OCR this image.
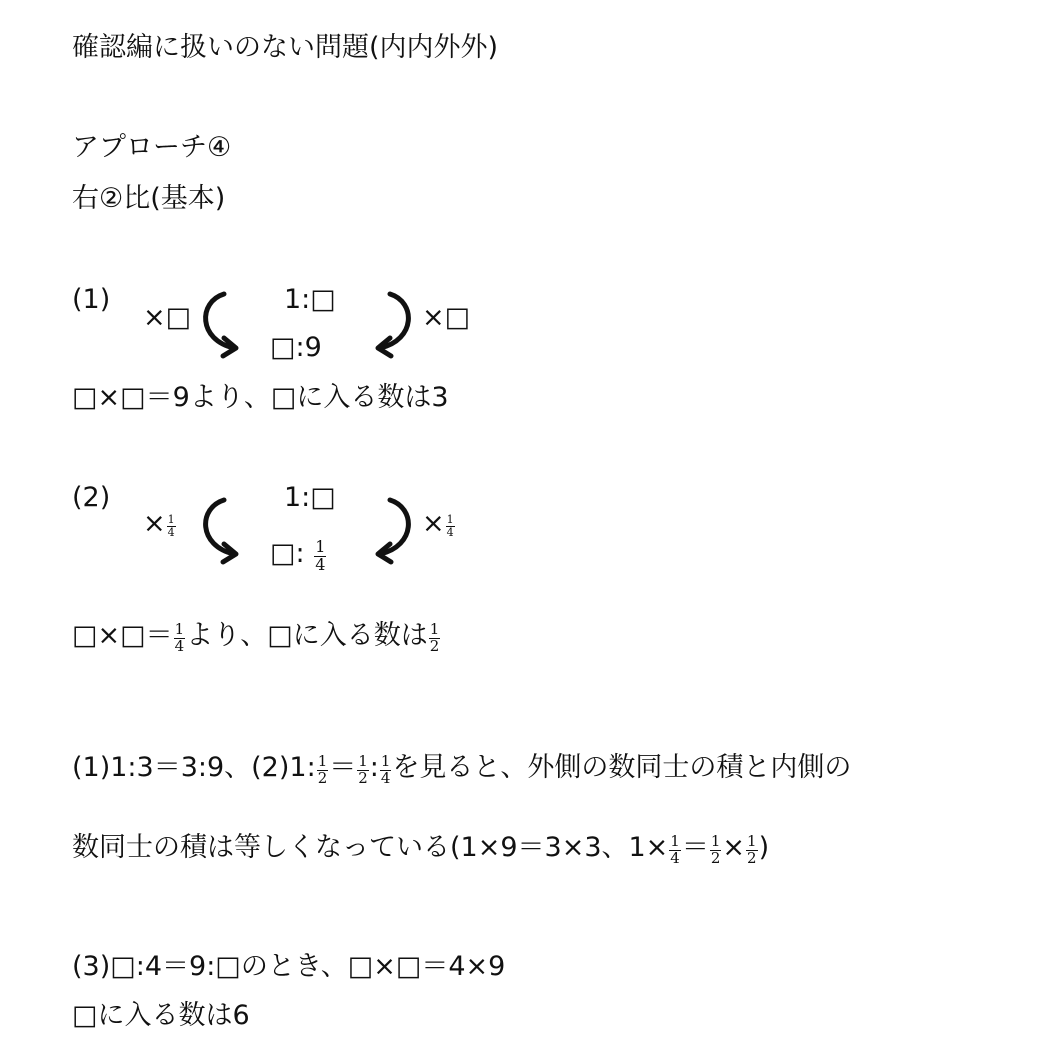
確認編に扱いのない問題(内内外外)
アプローチ④
右②比(基本)
(1)
×□
1:□
□:9
×□
□×□＝9より、□に入る数は3
(2)
× $\frac{1}{4}$
1:□
□: $\frac{1}{4}$
× $\frac{1}{4}$
□×□＝ $\frac{1}{4}$ より、□に入る数は $\frac{1}{2}$
(1)1:3＝3:9、(2)1: $\frac{1}{2} = \frac{1}{2}$ : $\frac{1}{4}$ を見ると、外側の数同士の積と内側の
数同士の積は等しくなっている(1×9＝3×3、$1\times \frac{1}{4} = \frac{1}{2} \times \frac{1}{2}$ )
(3)□:4＝9:□のとき、□×□＝4×9
□に入る数は6
